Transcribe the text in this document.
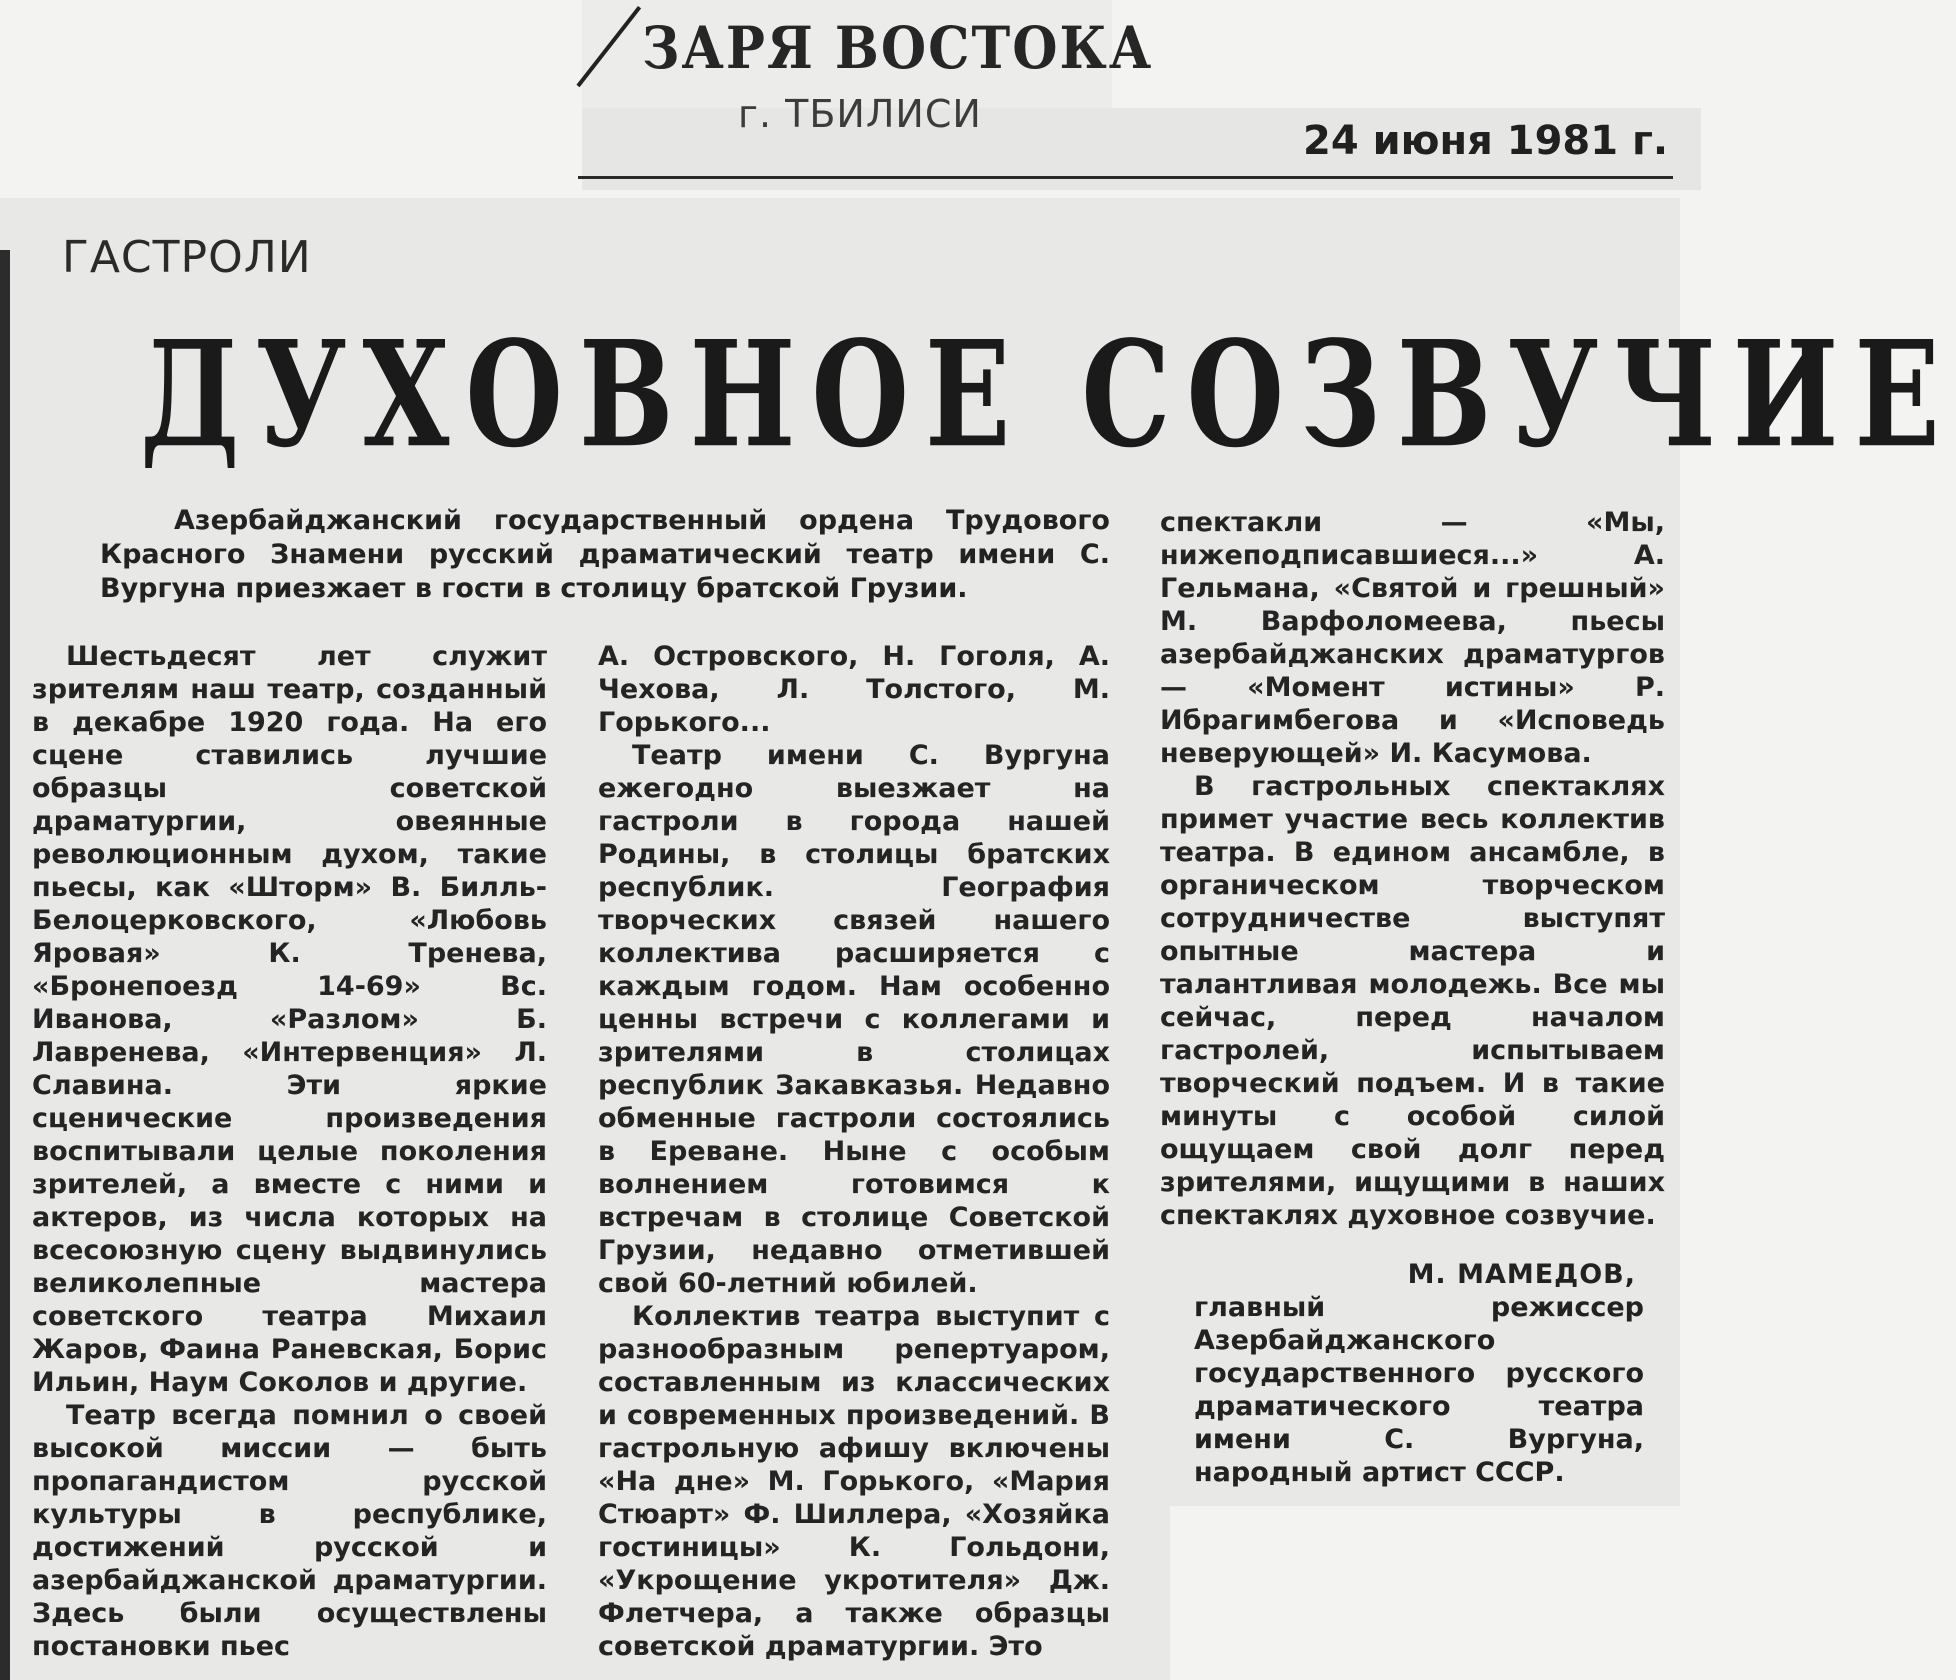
ЗАРЯ ВОСТОКА
г. ТБИЛИСИ
24 июня 1981 г.
ГАСТРОЛИ
ДУХОВНОЕ СОЗВУЧИЕ
Азербайджанский государственный ордена Трудового Красного Знамени русский драматический театр имени С. Вургуна приезжает в гости в столицу братской Грузии.

Шестьдесят лет служит зрителям наш театр, созданный в декабре 1920 года. На его сцене ставились лучшие образцы советской драматургии, овеянные революционным духом, такие пьесы, как «Шторм» В. Билль-Белоцерковского, «Любовь Яровая» К. Тренева, «Бронепоезд 14-69» Вс. Иванова, «Разлом» Б. Лавренева, «Интервенция» Л. Славина. Эти яркие сценические произведения воспитывали целые поколения зрителей, а вместе с ними и актеров, из числа которых на всесоюзную сцену выдвинулись великолепные мастера советского театра Михаил Жаров, Фаина Раневская, Борис Ильин, Наум Соколов и другие.

Театр всегда помнил о своей высокой миссии — быть пропагандистом русской культуры в республике, достижений русской и азербайджанской драматургии. Здесь были осуществлены постановки пьес

А. Островского, Н. Гоголя, А. Чехова, Л. Толстого, М. Горького...

Театр имени С. Вургуна ежегодно выезжает на гастроли в города нашей Родины, в столицы братских республик. География творческих связей нашего коллектива расширяется с каждым годом. Нам особенно ценны встречи с коллегами и зрителями в столицах республик Закавказья. Недавно обменные гастроли состоялись в Ереване. Ныне с особым волнением готовимся к встречам в столице Советской Грузии, недавно отметившей свой 60-летний юбилей.

Коллектив театра выступит с разнообразным репертуаром, составленным из классических и современных произведений. В гастрольную афишу включены «На дне» М. Горького, «Мария Стюарт» Ф. Шиллера, «Хозяйка гостиницы» К. Гольдони, «Укрощение укротителя» Дж. Флетчера, а также образцы советской драматургии. Это

спектакли — «Мы, нижеподписавшиеся...» А. Гельмана, «Святой и грешный» М. Варфоломеева, пьесы азербайджанских драматургов — «Момент истины» Р. Ибрагимбегова и «Исповедь неверующей» И. Касумова.

В гастрольных спектаклях примет участие весь коллектив театра. В едином ансамбле, в органическом творческом сотрудничестве выступят опытные мастера и талантливая молодежь. Все мы сейчас, перед началом гастролей, испытываем творческий подъем. И в такие минуты с особой силой ощущаем свой долг перед зрителями, ищущими в наших спектаклях духовное созвучие.

М. МАМЕДОВ,
главный режиссер Азербайджанского государственного русского драматического театра имени С. Вургуна, народный артист СССР.
